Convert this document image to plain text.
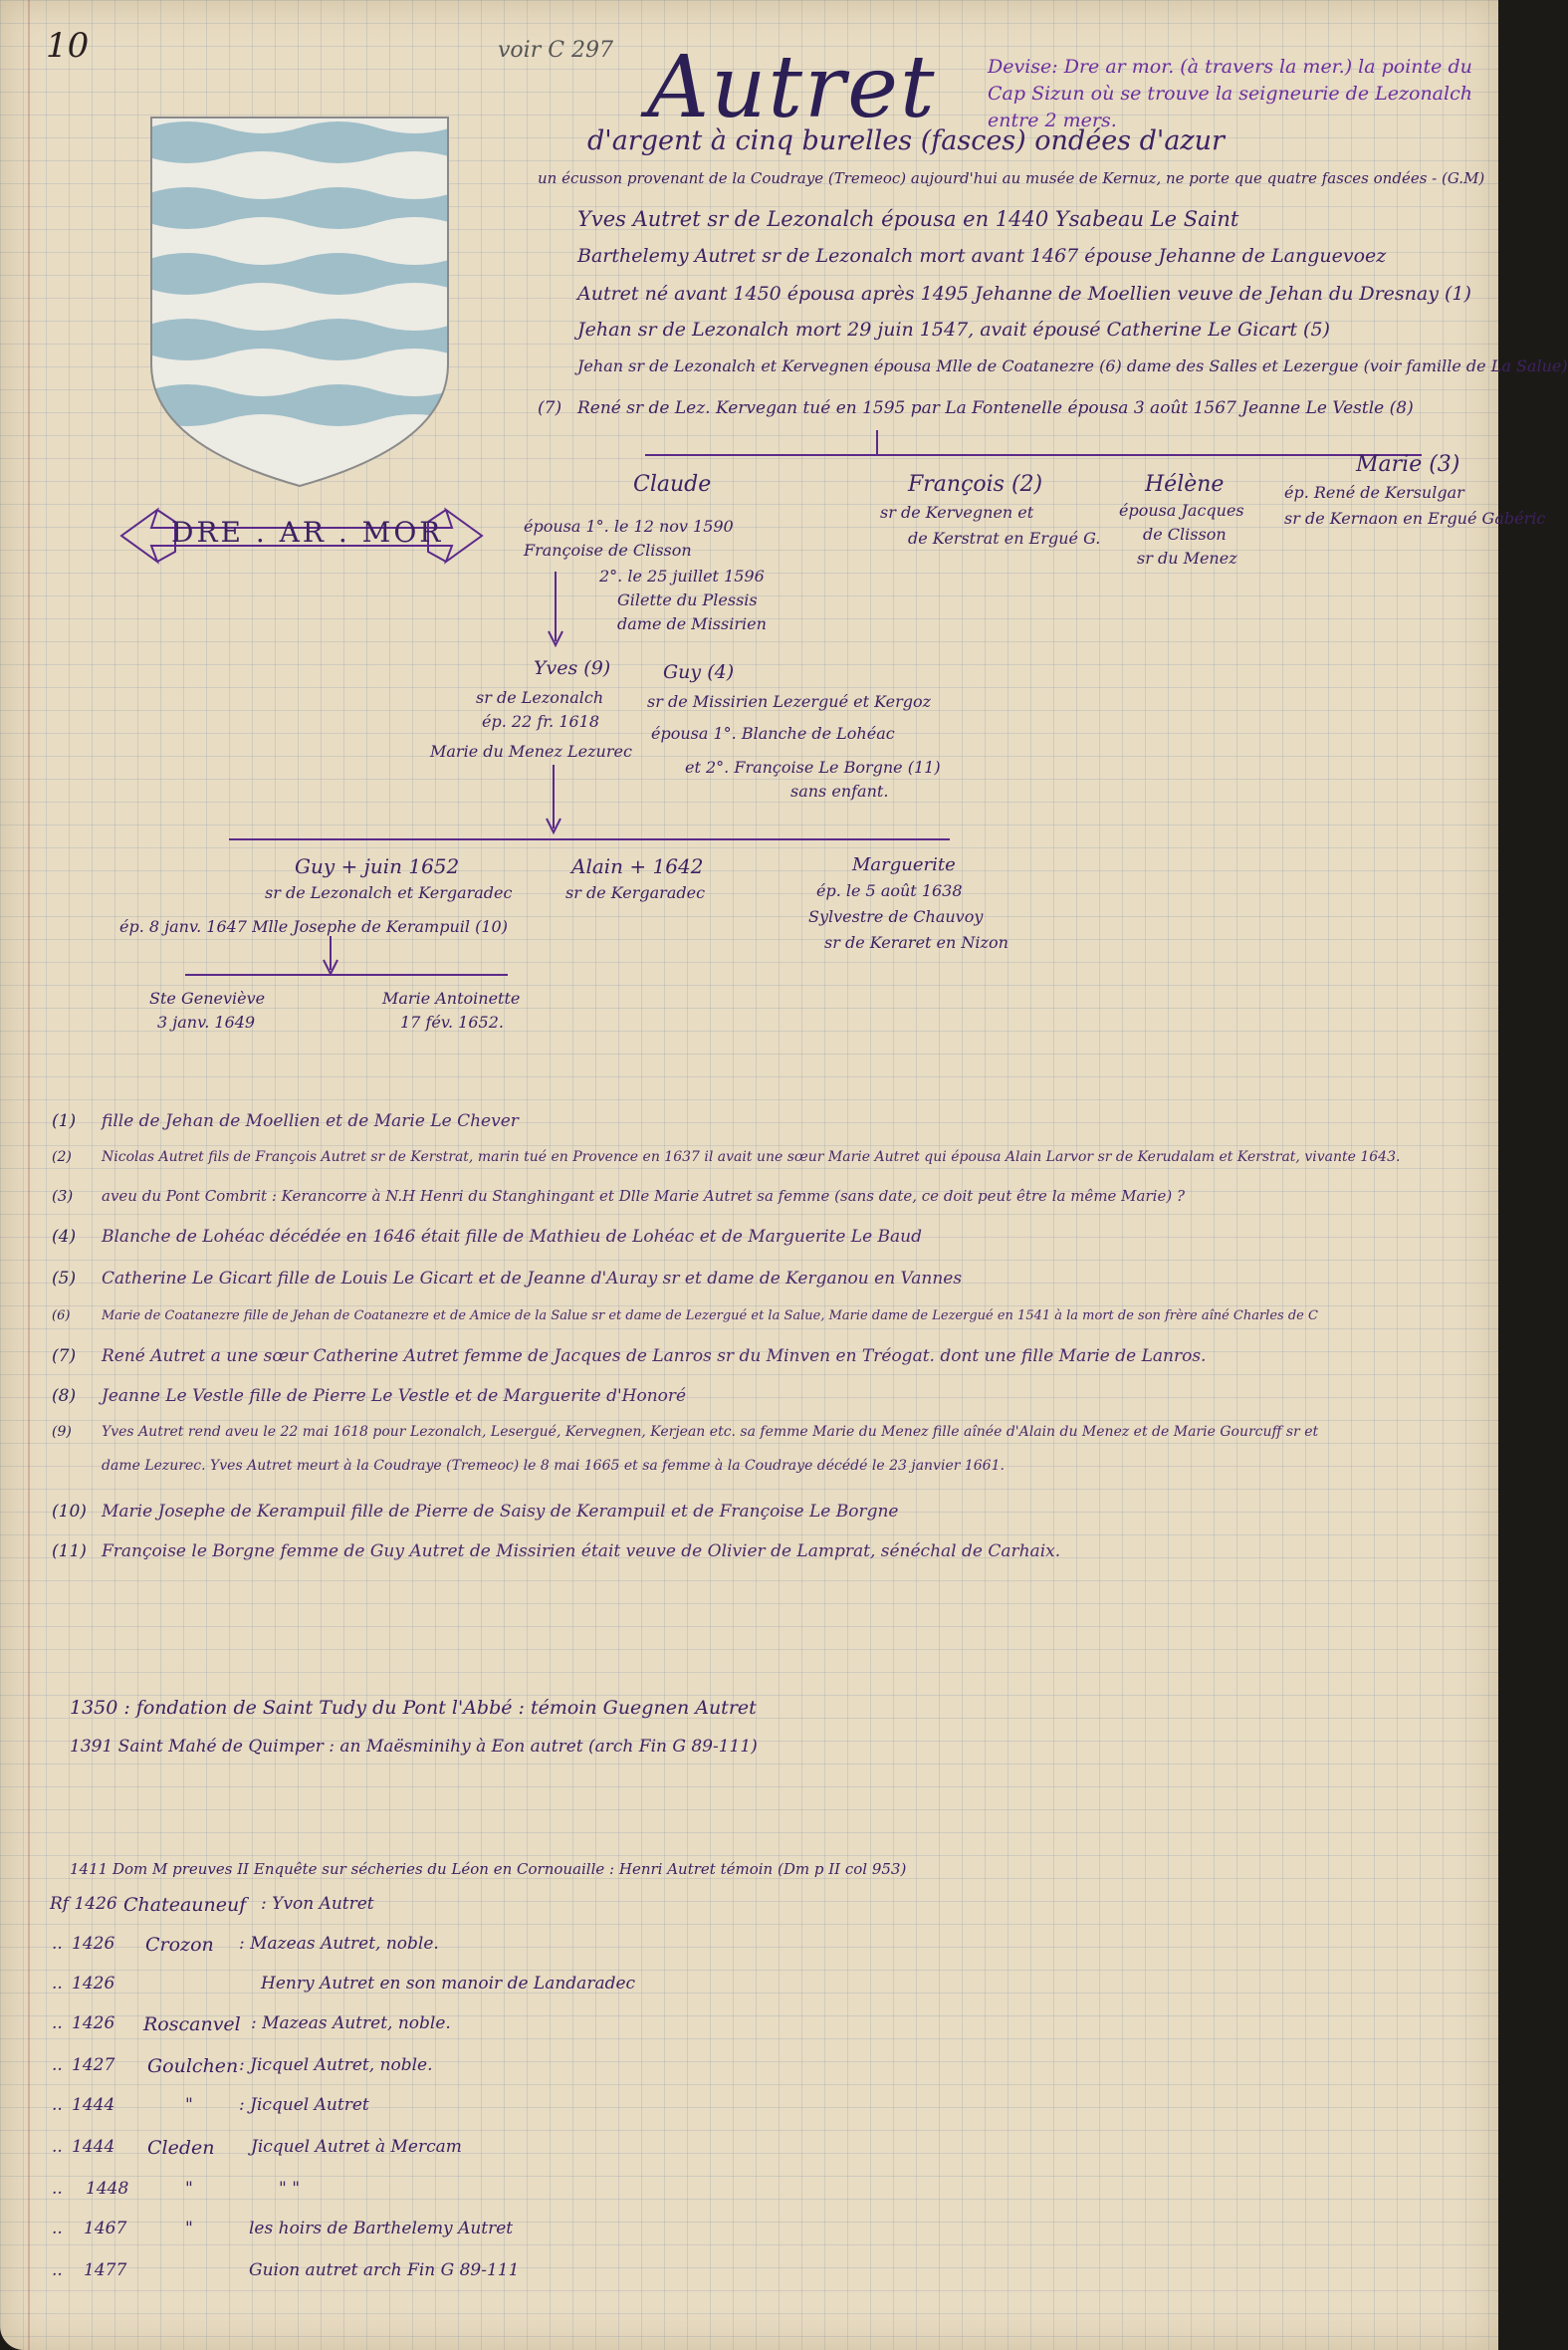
10	voir C 297 Autret	Devise: Dre ar mor. (à travers la mer.) la pointe du Cap Sizun où se trouve la seigneurie de Lezonalch entre 2 mers.
DRE . AR . MOR
d'argent à cinq burelles (fasces) ondées d'azur
un écusson provenant de la Coudraye (Tremeoc) aujourd'hui au musée de Kernuz, ne porte que quatre fasces ondées - (G.M)
Yves Autret sr de Lezonalch épousa en 1440 Ysabeau Le Saint
Barthelemy Autret sr de Lezonalch mort avant 1467 épouse Jehanne de Languevoez
Autret né avant 1450 épousa après 1495 Jehanne de Moellien veuve de Jehan du Dresnay (1)
Jehan sr de Lezonalch mort 29 juin 1547, avait épousé Catherine Le Gicart (5)
Jehan sr de Lezonalch et Kervegnen épousa Mlle de Coatanezre (6) dame des Salles et Lezergue (voir famille de La Salue)
(7) René sr de Lez. Kervegan tué en 1595 par La Fontenelle épousa 3 août 1567 Jeanne Le Vestle (8)
Claude
épousa 1°. le 12 nov 1590
Françoise de Clisson
François (2)
sr de Kervegnen et
de Kerstrat en Ergué G.
Hélène
épousa Jacques
de Clisson
sr du Menez
Marie (3)
ép. René de Kersulgar
sr de Kernaon en Ergué Gabéric
2°. le 25 juillet 1596
Gilette du Plessis
dame de Missirien
Yves (9)
sr de Lezonalch
ép. 22 fr. 1618
Marie du Menez Lezurec
Guy (4)
sr de Missirien Lezergué et Kergoz
épousa 1°. Blanche de Lohéac
et 2°. Françoise Le Borgne (11)
sans enfant.
Guy + juin 1652
sr de Lezonalch et Kergaradec
ép. 8 janv. 1647 Mlle Josephe de Kerampuil (10)
Alain + 1642
sr de Kergaradec
Marguerite
ép. le 5 août 1638
Sylvestre de Chauvoy
sr de Keraret en Nizon
Ste Geneviève
3 janv. 1649
Marie Antoinette
17 fév. 1652.
(1) fille de Jehan de Moellien et de Marie Le Chever
(2) Nicolas Autret fils de François Autret sr de Kerstrat, marin tué en Provence en 1637 il avait une sœur Marie Autret qui épousa Alain Larvor sr de Kerudalam et Kerstrat, vivante 1643.
(3) aveu du Pont Combrit : Kerancorre à N.H Henri du Stanghingant et Dlle Marie Autret sa femme (sans date, ce doit peut être la même Marie) ?
(4) Blanche de Lohéac décédée en 1646 était fille de Mathieu de Lohéac et de Marguerite Le Baud
(5) Catherine Le Gicart fille de Louis Le Gicart et de Jeanne d'Auray sr et dame de Kerganou en Vannes
(6) Marie de Coatanezre fille de Jehan de Coatanezre et de Amice de la Salue sr et dame de Lezergué et la Salue, Marie dame de Lezergué en 1541 à la mort de son frère aîné Charles de C
(7) René Autret a une sœur Catherine Autret femme de Jacques de Lanros sr du Minven en Tréogat. dont une fille Marie de Lanros.
(8) Jeanne Le Vestle fille de Pierre Le Vestle et de Marguerite d'Honoré
(9) Yves Autret rend aveu le 22 mai 1618 pour Lezonalch, Lesergué, Kervegnen, Kerjean etc. sa femme Marie du Menez fille aînée d'Alain du Menez et de Marie Gourcuff sr et
dame Lezurec. Yves Autret meurt à la Coudraye (Tremeoc) le 8 mai 1665 et sa femme à la Coudraye décédé le 23 janvier 1661.
(10) Marie Josephe de Kerampuil fille de Pierre de Saisy de Kerampuil et de Françoise Le Borgne
(11) Françoise le Borgne femme de Guy Autret de Missirien était veuve de Olivier de Lamprat, sénéchal de Carhaix.
1350 : fondation de Saint Tudy du Pont l'Abbé : témoin Guegnen Autret
1391 Saint Mahé de Quimper : an Maësminihy à Eon autret (arch Fin G 89-111)
1411 Dom M preuves II Enquête sur sécheries du Léon en Cornouaille : Henri Autret témoin (Dm p II col 953)
Rf 1426 Chateauneuf : Yvon Autret
.. 1426 Crozon : Mazeas Autret, noble.
.. 1426	Henry Autret en son manoir de Landaradec
.. 1426 Roscanvel : Mazeas Autret, noble.
.. 1427 Goulchen : Jicquel Autret, noble.
.. 1444	"	: Jicquel Autret
.. 1444 Cleden Jicquel Autret à Mercam
.. 1448	"	" "
.. 1467	"	les hoirs de Barthelemy Autret
.. 1477	Guion autret arch Fin G 89-111
